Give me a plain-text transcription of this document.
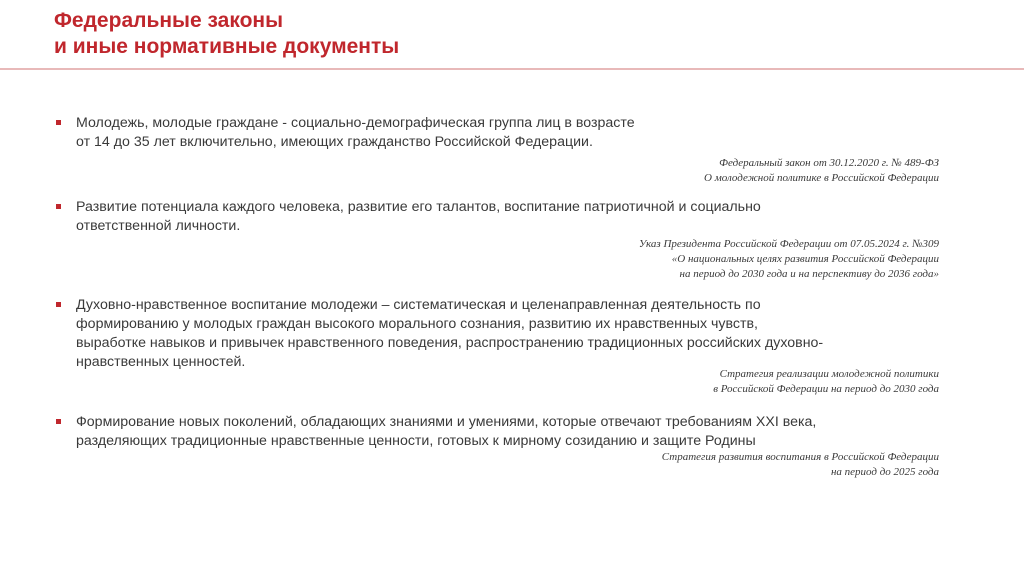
Федеральные законы
и иные нормативные документы
Молодежь, молодые граждане - социально-демографическая группа лиц в возрасте
от 14 до 35 лет включительно, имеющих гражданство Российской Федерации.
Федеральный закон от 30.12.2020 г. № 489-ФЗ
О молодежной политике в Российской Федерации
Развитие потенциала каждого человека, развитие его талантов, воспитание патриотичной и социально
ответственной личности.
Указ Президента Российской Федерации от 07.05.2024 г. №309
«О национальных целях развития Российской Федерации
на период до 2030 года и на перспективу до 2036 года»
Духовно-нравственное воспитание молодежи – систематическая и целенаправленная деятельность по
формированию у молодых граждан высокого морального сознания, развитию их нравственных чувств,
выработке навыков и привычек нравственного поведения, распространению традиционных российских духовно-
нравственных ценностей.
Стратегия реализации молодежной политики
в Российской Федерации на период до 2030 года
Формирование новых поколений, обладающих знаниями и умениями, которые отвечают требованиям XXI века,
разделяющих традиционные нравственные ценности, готовых к мирному созиданию и защите Родины
Стратегия развития воспитания в Российской Федерации
на период до 2025 года
